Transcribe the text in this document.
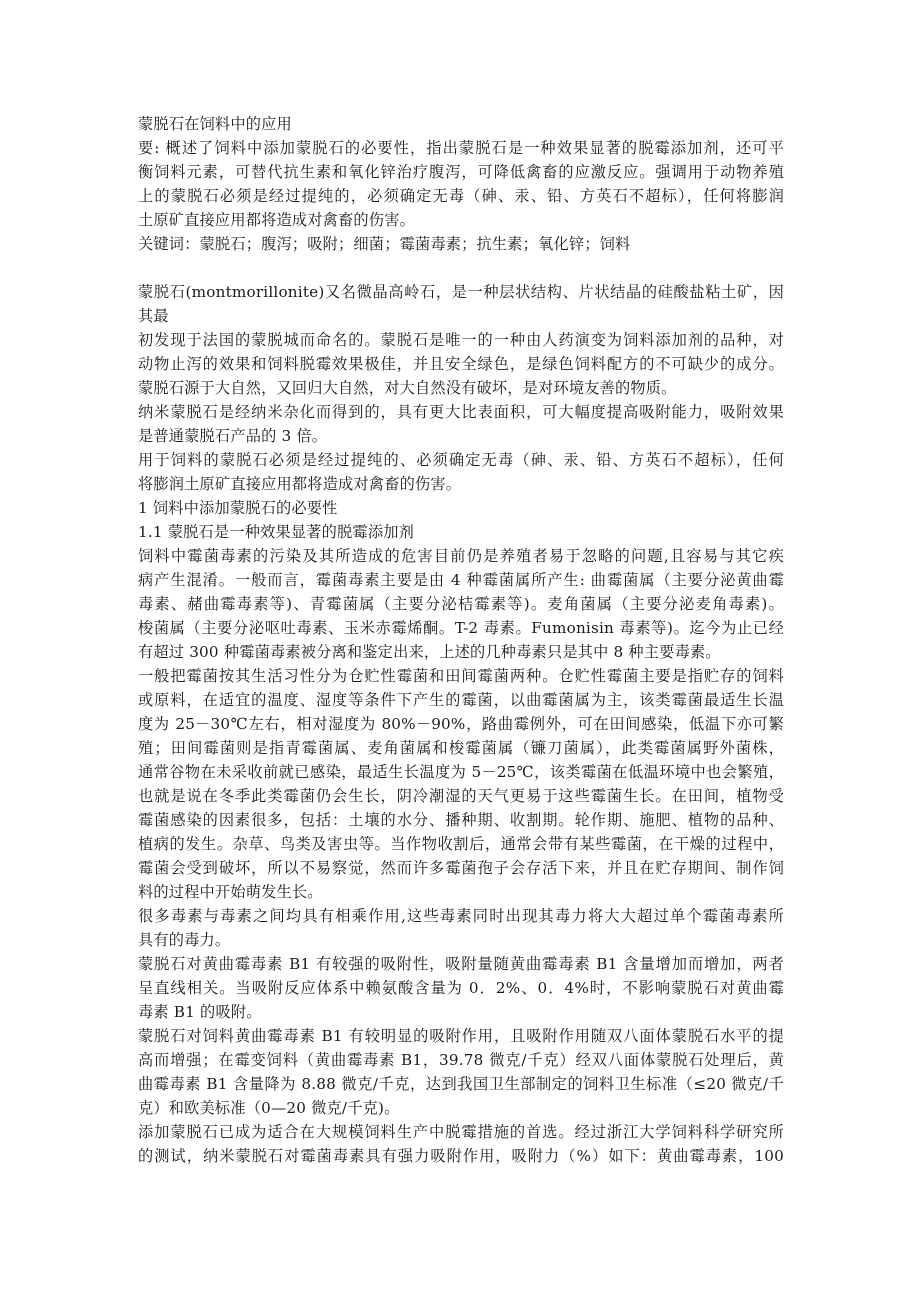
蒙脱石在饲料中的应用
要: 概述了饲料中添加蒙脱石的必要性，指出蒙脱石是一种效果显著的脱霉添加剂，还可平
衡饲料元素，可替代抗生素和氧化锌治疗腹泻，可降低禽畜的应激反应。强调用于动物养殖
上的蒙脱石必须是经过提纯的，必须确定无毒（砷、汞、铅、方英石不超标），任何将膨润
土原矿直接应用都将造成对禽畜的伤害。
关键词：蒙脱石；腹泻；吸附；细菌；霉菌毒素；抗生素；氧化锌；饲料
蒙脱石(montmorillonite)又名微晶高岭石，是一种层状结构、片状结晶的硅酸盐粘土矿，因
其最
初发现于法国的蒙脱城而命名的。蒙脱石是唯一的一种由人药演变为饲料添加剂的品种，对
动物止泻的效果和饲料脱霉效果极佳，并且安全绿色，是绿色饲料配方的不可缺少的成分。
蒙脱石源于大自然，又回归大自然，对大自然没有破坏，是对环境友善的物质。
纳米蒙脱石是经纳米杂化而得到的，具有更大比表面积，可大幅度提高吸附能力，吸附效果
是普通蒙脱石产品的 3 倍。
用于饲料的蒙脱石必须是经过提纯的、必须确定无毒（砷、汞、铅、方英石不超标），任何
将膨润土原矿直接应用都将造成对禽畜的伤害。
1 饲料中添加蒙脱石的必要性
1.1 蒙脱石是一种效果显著的脱霉添加剂
饲料中霉菌毒素的污染及其所造成的危害目前仍是养殖者易于忽略的问题,且容易与其它疾
病产生混淆。一般而言，霉菌毒素主要是由 4 种霉菌属所产生: 曲霉菌属（主要分泌黄曲霉
毒素、赭曲霉毒素等)、青霉菌属（主要分泌桔霉素等)。麦角菌属（主要分泌麦角毒素)。
梭菌属（主要分泌呕吐毒素、玉米赤霉烯酮。T-2 毒素。Fumonisin 毒素等)。迄今为止已经
有超过 300 种霉菌毒素被分离和鉴定出来，上述的几种毒素只是其中 8 种主要毒素。
一般把霉菌按其生活习性分为仓贮性霉菌和田间霉菌两种。仓贮性霉菌主要是指贮存的饲料
或原料，在适宜的温度、湿度等条件下产生的霉菌，以曲霉菌属为主，该类霉菌最适生长温
度为 25－30℃左右，相对湿度为 80%－90%，路曲霉例外，可在田间感染，低温下亦可繁
殖；田间霉菌则是指青霉菌属、麦角菌属和梭霉菌属（镰刀菌属），此类霉菌属野外菌株，
通常谷物在未采收前就已感染，最适生长温度为 5－25℃，该类霉菌在低温环境中也会繁殖，
也就是说在冬季此类霉菌仍会生长，阴冷潮湿的天气更易于这些霉菌生长。在田间，植物受
霉菌感染的因素很多，包括：土壤的水分、播种期、收割期。轮作期、施肥、植物的品种、
植病的发生。杂草、鸟类及害虫等。当作物收割后，通常会带有某些霉菌，在干燥的过程中，
霉菌会受到破坏，所以不易察觉，然而许多霉菌孢子会存活下来，并且在贮存期间、制作饲
料的过程中开始萌发生长。
很多毒素与毒素之间均具有相乘作用,这些毒素同时出现其毒力将大大超过单个霉菌毒素所
具有的毒力。
蒙脱石对黄曲霉毒素 B1 有较强的吸附性，吸附量随黄曲霉毒素 B1 含量增加而增加，两者
呈直线相关。当吸附反应体系中赖氨酸含量为 0．2%、0．4%时，不影响蒙脱石对黄曲霉
毒素 B1 的吸附。
蒙脱石对饲料黄曲霉毒素 B1 有较明显的吸附作用，且吸附作用随双八面体蒙脱石水平的提
高而增强；在霉变饲料（黄曲霉毒素 B1，39.78 微克/千克）经双八面体蒙脱石处理后，黄
曲霉毒素 B1 含量降为 8.88 微克/千克，达到我国卫生部制定的饲料卫生标准（≤20 微克/千
克）和欧美标准（0—20 微克/千克)。
添加蒙脱石已成为适合在大规模饲料生产中脱霉措施的首选。经过浙江大学饲料科学研究所
的测试，纳米蒙脱石对霉菌毒素具有强力吸附作用，吸附力（%）如下：黄曲霉毒素，100
